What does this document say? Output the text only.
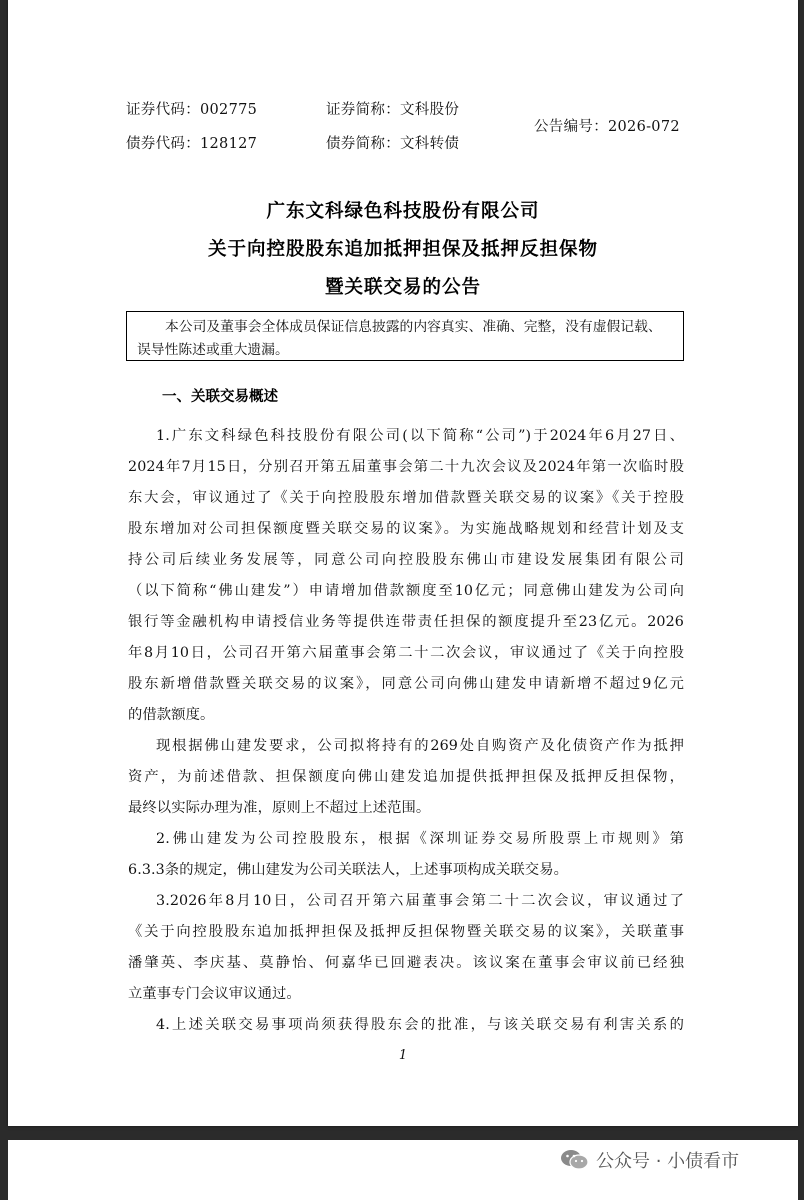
证券代码：002775	证券简称：文科股份
债券代码：128127	债券简称：文科转债
公告编号：2026-072
广东文科绿色科技股份有限公司
关于向控股股东追加抵押担保及抵押反担保物
暨关联交易的公告

本公司及董事会全体成员保证信息披露的内容真实、准确、完整，没有虚假记载、误导性陈述或重大遗漏。

一、关联交易概述
1.广东文科绿色科技股份有限公司(以下简称“公司”)于2024年6月27日、
2024年7月15日，分别召开第五届董事会第二十九次会议及2024年第一次临时股
东大会，审议通过了《关于向控股股东增加借款暨关联交易的议案》《关于控股
股东增加对公司担保额度暨关联交易的议案》。为实施战略规划和经营计划及支
持公司后续业务发展等，同意公司向控股股东佛山市建设发展集团有限公司
（以下简称“佛山建发”）申请增加借款额度至10亿元；同意佛山建发为公司向
银行等金融机构申请授信业务等提供连带责任担保的额度提升至23亿元。2026
年8月10日，公司召开第六届董事会第二十二次会议，审议通过了《关于向控股
股东新增借款暨关联交易的议案》，同意公司向佛山建发申请新增不超过9亿元
的借款额度。
现根据佛山建发要求，公司拟将持有的269处自购资产及化债资产作为抵押
资产，为前述借款、担保额度向佛山建发追加提供抵押担保及抵押反担保物，
最终以实际办理为准，原则上不超过上述范围。
2.佛山建发为公司控股股东，根据《深圳证券交易所股票上市规则》第
6.3.3条的规定，佛山建发为公司关联法人，上述事项构成关联交易。
3.2026年8月10日，公司召开第六届董事会第二十二次会议，审议通过了
《关于向控股股东追加抵押担保及抵押反担保物暨关联交易的议案》，关联董事
潘肇英、李庆基、莫静怡、何嘉华已回避表决。该议案在董事会审议前已经独
立董事专门会议审议通过。
4.上述关联交易事项尚须获得股东会的批准，与该关联交易有利害关系的
1
公众号 · 小债看市
